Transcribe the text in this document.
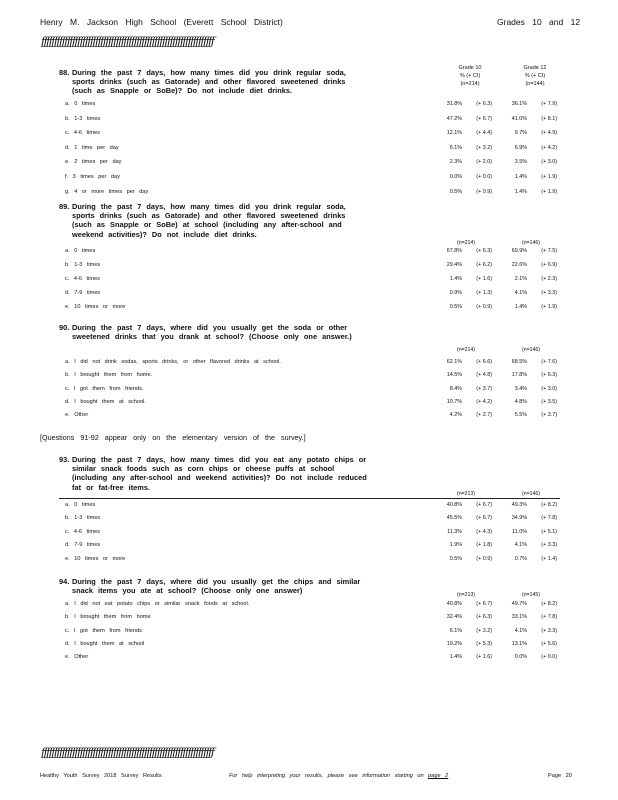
Henry M. Jackson High School (Everett School District)	Grades 10 and 12
ƒƒƒƒƒƒƒƒƒƒƒƒƒƒƒƒƒƒƒƒƒƒƒƒƒƒƒƒƒƒƒƒƒƒƒƒƒƒƒƒƒƒƒƒƒƒƒƒƒƒƒƒƒƒƒƒƒƒƒƒƒƒƒƒƒƒƒ
Grade 10
% (+ CI)
(n=214)
Grade 12
% (+ CI)
(n=144)
88. During the past 7 days, how many times did you drink regular soda, sports drinks (such as Gatorade) and other flavored sweetened drinks (such as Snapple or SoBe)? Do not include diet drinks.
89. During the past 7 days, how many times did you drink regular soda, sports drinks (such as Gatorade) and other flavored sweetened drinks (such as Snapple or SoBe) at school (including any after-school and weekend activities)? Do not include diet drinks.
(n=214)	(n=146)
90. During the past 7 days, where did you usually get the soda or other sweetened drinks that you drank at school? (Choose only one answer.)
(n=214)	(n=146)
[Questions 91-92 appear only on the elementary version of the survey.]
93. During the past 7 days, how many times did you eat any potato chips or similar snack foods such as corn chips or cheese puffs at school (including any after-school and weekend activities)? Do not include reduced fat or fat-free items.
(n=213)	(n=146)
94. During the past 7 days, where did you usually get the chips and similar snack items you ate at school? (Choose only one answer)	(n=213)	(n=145)
a. 0 times	31.8%	(+ 6.3)	36.1%	(+ 7.9)
b. 1-3 times	47.2%	(+ 6.7)	41.0%	(+ 8.1)
c. 4-6 times	12.1%	(+ 4.4)	9.7%	(+ 4.9)
d. 1 time per day	6.1%	(+ 3.2)	6.9%	(+ 4.2)
e. 2 times per day	2.3%	(+ 2.0)	3.5%	(+ 3.0)
f. 3 times per day	0.0%	(+ 0.0)	1.4%	(+ 1.9)
g. 4 or more times per day	0.5%	(+ 0.9)	1.4%	(+ 1.9)
a. 0 times	67.8%	(+ 6.3)	69.9%	(+ 7.5)
b. 1-3 times	29.4%	(+ 6.2)	22.6%	(+ 6.9)
c. 4-6 times	1.4%	(+ 1.6)	2.1%	(+ 2.3)
d. 7-9 times	0.9%	(+ 1.3)	4.1%	(+ 3.3)
e. 10 times or more	0.5%	(+ 0.9)	1.4%	(+ 1.9)
a. I did not drink sodas, sports drinks, or other flavored drinks at school.	62.1%	(+ 6.6)	68.5%	(+ 7.6)
b. I brought them from home.	14.5%	(+ 4.8)	17.8%	(+ 6.3)
c. I got them from friends.	8.4%	(+ 3.7)	3.4%	(+ 3.0)
d. I bought them at school.	10.7%	(+ 4.2)	4.8%	(+ 3.5)
e. Other	4.2%	(+ 2.7)	5.5%	(+ 3.7)
a. 0 times	40.8%	(+ 6.7)	49.3%	(+ 8.2)
b. 1-3 times	45.5%	(+ 6.7)	34.9%	(+ 7.8)
c. 4-6 times	11.3%	(+ 4.3)	11.0%	(+ 5.1)
d. 7-9 times	1.9%	(+ 1.8)	4.1%	(+ 3.3)
e. 10 times or more	0.5%	(+ 0.9)	0.7%	(+ 1.4)
a. I did not eat potato chips or similar snack foods at school.	40.8%	(+ 6.7)	49.7%	(+ 8.2)
b. I brought them from home	32.4%	(+ 6.3)	33.1%	(+ 7.8)
c. I got them from friends	6.1%	(+ 3.2)	4.1%	(+ 3.3)
d. I bought them at school	19.2%	(+ 5.3)	13.1%	(+ 5.6)
e. Other	1.4%	(+ 1.6)	0.0%	(+ 0.0)
ƒƒƒƒƒƒƒƒƒƒƒƒƒƒƒƒƒƒƒƒƒƒƒƒƒƒƒƒƒƒƒƒƒƒƒƒƒƒƒƒƒƒƒƒƒƒƒƒƒƒƒƒƒƒƒƒƒƒƒƒƒƒƒƒƒƒƒ
Healthy Youth Survey 2018 Survey Results	For help interpreting your results, please see information starting on page 2	Page 20
